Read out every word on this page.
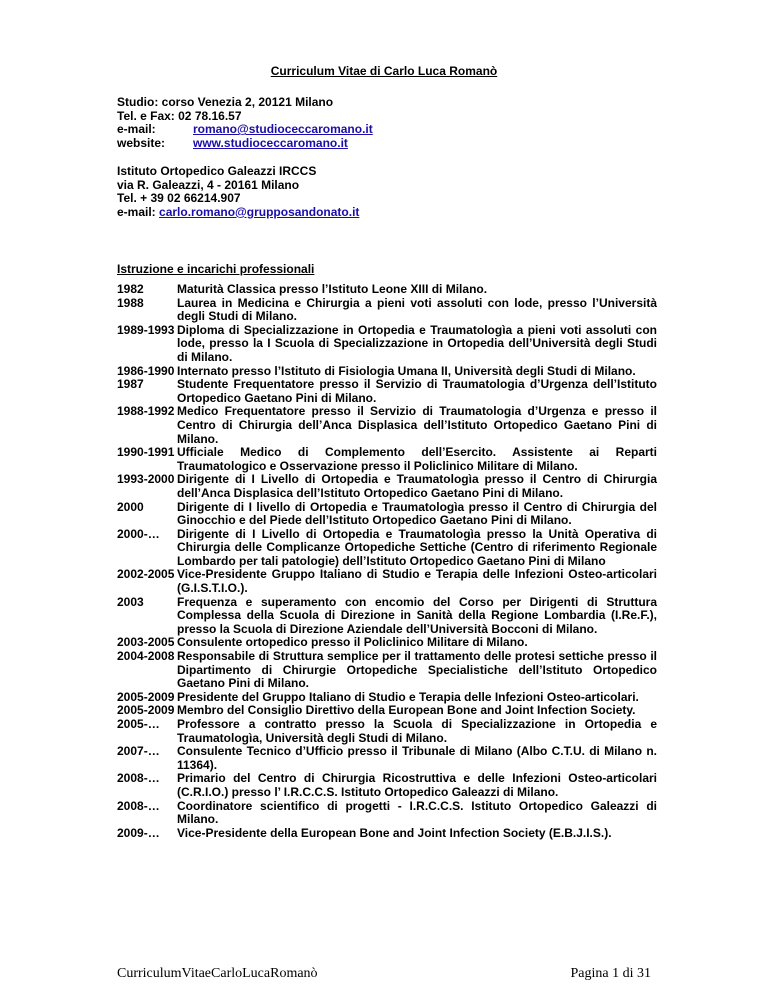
Curriculum Vitae di Carlo Luca Romanò
Studio: corso Venezia 2, 20121 Milano
Tel. e Fax: 02 78.16.57
e-mail:	romano@studioceccaromano.it
website:	www.studioceccaromano.it
Istituto Ortopedico Galeazzi IRCCS
via R. Galeazzi, 4 - 20161 Milano
Tel. + 39 02 66214.907
e-mail: carlo.romano@grupposandonato.it
Istruzione e incarichi professionali
1982	Maturità Classica presso l’Istituto Leone XIII di Milano.
1988	Laurea in Medicina e Chirurgia a pieni voti assoluti con lode, presso l’Università degli Studi di Milano.
1989-1993 Diploma di Specializzazione in Ortopedia e Traumatologìa a pieni voti assoluti con lode, presso la I Scuola di Specializzazione in Ortopedia dell’Università degli Studi di Milano.
1986-1990 Internato presso l’Istituto di Fisiologia Umana II, Università degli Studi di Milano.
1987	Studente Frequentatore presso il Servizio di Traumatologia d’Urgenza dell’Istituto Ortopedico Gaetano Pini di Milano.
1988-1992 Medico Frequentatore presso il Servizio di Traumatologia d’Urgenza e presso il Centro di Chirurgia dell’Anca Displasica dell’Istituto Ortopedico Gaetano Pini di Milano.
1990-1991 Ufficiale Medico di Complemento dell’Esercito. Assistente ai Reparti Traumatologico e Osservazione presso il Policlinico Militare di Milano.
1993-2000 Dirigente di I Livello di Ortopedia e Traumatologìa presso il Centro di Chirurgia dell’Anca Displasica dell’Istituto Ortopedico Gaetano Pini di Milano.
2000	Dirigente di I livello di Ortopedia e Traumatologìa presso il Centro di Chirurgia del Ginocchio e del Piede dell’Istituto Ortopedico Gaetano Pini di Milano.
2000-…	Dirigente di I Livello di Ortopedia e Traumatologìa presso la Unità Operativa di Chirurgia delle Complicanze Ortopediche Settiche (Centro di riferimento Regionale Lombardo per tali patologie) dell’Istituto Ortopedico Gaetano Pini di Milano
2002-2005 Vice-Presidente Gruppo Italiano di Studio e Terapia delle Infezioni Osteo-articolari (G.I.S.T.I.O.).
2003	Frequenza e superamento con encomio del Corso per Dirigenti di Struttura Complessa della Scuola di Direzione in Sanità della Regione Lombardia (I.Re.F.), presso la Scuola di Direzione Aziendale dell’Università Bocconi di Milano.
2003-2005 Consulente ortopedico presso il Policlinico Militare di Milano.
2004-2008 Responsabile di Struttura semplice per il trattamento delle protesi settiche presso il Dipartimento di Chirurgie Ortopediche Specialistiche dell’Istituto Ortopedico Gaetano Pini di Milano.
2005-2009 Presidente del Gruppo Italiano di Studio e Terapia delle Infezioni Osteo-articolari.
2005-2009 Membro del Consiglio Direttivo della European Bone and Joint Infection Society.
2005-…	Professore a contratto presso la Scuola di Specializzazione in Ortopedia e Traumatologìa, Università degli Studi di Milano.
2007-…	Consulente Tecnico d’Ufficio presso il Tribunale di Milano (Albo C.T.U. di Milano n. 11364).
2008-…	Primario del Centro di Chirurgia Ricostruttiva e delle Infezioni Osteo-articolari (C.R.I.O.) presso l’ I.R.C.C.S. Istituto Ortopedico Galeazzi di Milano.
2008-…	Coordinatore scientifico di progetti - I.R.C.C.S. Istituto Ortopedico Galeazzi di Milano.
2009-…	Vice-Presidente della European Bone and Joint Infection Society (E.B.J.I.S.).
CurriculumVitaeCarloLucaRomanò	Pagina 1 di 31
